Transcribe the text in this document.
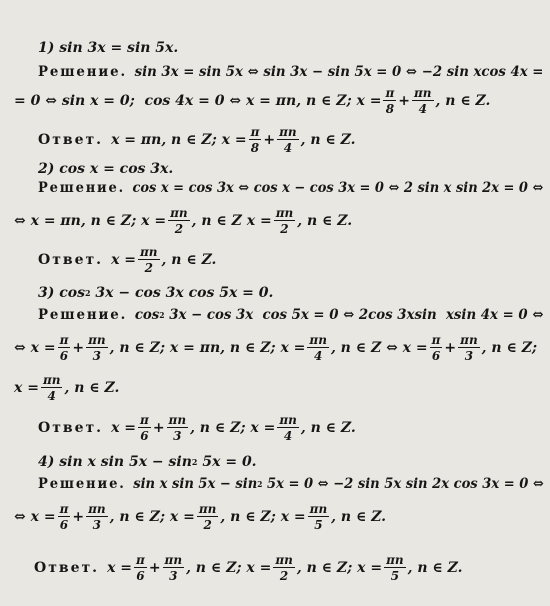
1) sin 3x = sin 5x.
Решение. sin 3x = sin 5x ⇔ sin 3x − sin 5x = 0 ⇔ −2 sin xcos 4x =
= 0 ⇔ sin x = 0;  cos 4x = 0 ⇔ x = πn, n ∈ Z; $x = \frac{\pi}{8} + \frac{\pi n}{4}$ , n ∈ Z.
Ответ. x = πn, n ∈ Z; $x = \frac{\pi}{8} + \frac{\pi n}{4}$ , n ∈ Z.
2) cos x = cos 3x.
Решение. cos x = cos 3x ⇔ cos x − cos 3x = 0 ⇔ 2 sin x sin 2x = 0 ⇔
⇔ x = πn, n ∈ Z; $x = \frac{\pi n}{2}$ , n ∈ Z $x = \frac{\pi n}{2}$ , n ∈ Z.
Ответ. $x = \frac{\pi n}{2}$ , n ∈ Z.
3) cos 2 3x − cos 3x cos 5x = 0.
Решение. cos 2 3x − cos 3x  cos 5x = 0 ⇔ 2cos 3xsin  xsin 4x = 0 ⇔
⇔ $x = \frac{\pi}{6} + \frac{\pi n}{3}$ , n ∈ Z; x = πn, n ∈ Z; $x = \frac{\pi n}{4}$ , n ∈ Z ⇔ $x = \frac{\pi}{6} + \frac{\pi n}{3}$ , n ∈ Z;
$x = \frac{\pi n}{4}$ , n ∈ Z.
Ответ. $x = \frac{\pi}{6} + \frac{\pi n}{3}$ , n ∈ Z; $x = \frac{\pi n}{4}$ , n ∈ Z.
4) sin x sin 5x − sin 2 5x = 0.
Решение. sin x sin 5x − sin 2 5x = 0 ⇔ −2 sin 5x sin 2x cos 3x = 0 ⇔
⇔ $x = \frac{\pi}{6} + \frac{\pi n}{3}$ , n ∈ Z; $x = \frac{\pi n}{2}$ , n ∈ Z; $x = \frac{\pi n}{5}$ , n ∈ Z.
Ответ. $x = \frac{\pi}{6} + \frac{\pi n}{3}$ , n ∈ Z; $x = \frac{\pi n}{2}$ , n ∈ Z; $x = \frac{\pi n}{5}$ , n ∈ Z.
